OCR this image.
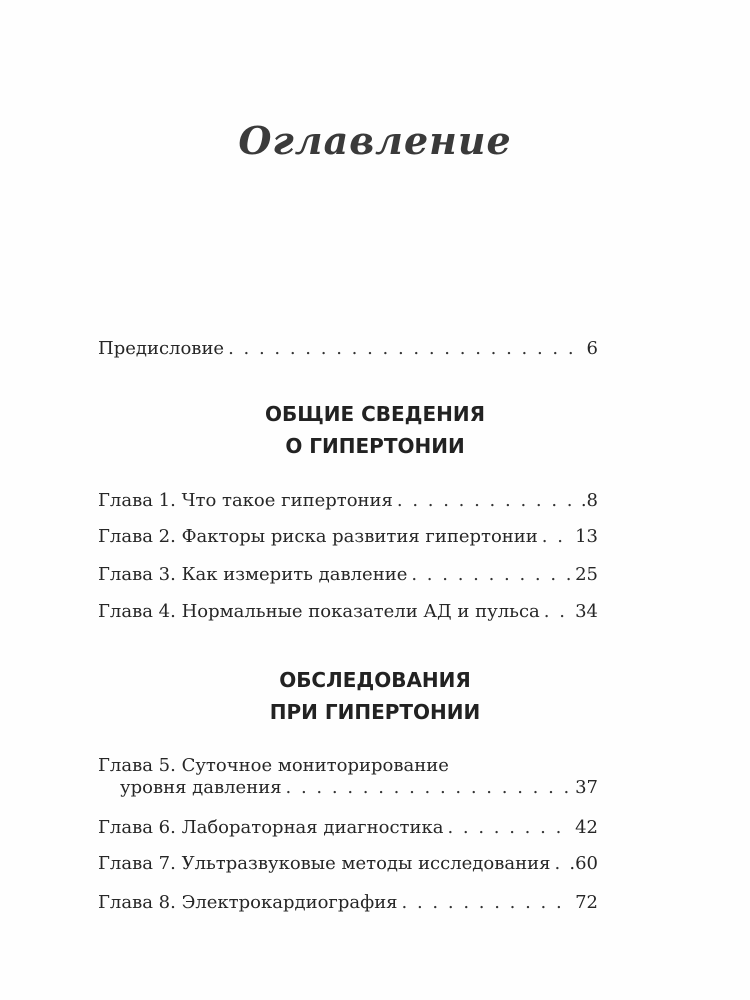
Оглавление
Предисловие . . .	6
ОБЩИЕ СВЕДЕНИЯ
О ГИПЕРТОНИИ
Глава 1. Что такое гипертония . . .	.8
Глава 2. Факторы риска развития гипертонии . . . 13
Глава 3. Как измерить давление . . .	25
Глава 4. Нормальные показатели АД и пульса . . . 34
ОБСЛЕДОВАНИЯ
ПРИ ГИПЕРТОНИИ
Глава 5. Суточное мониторирование
уровня давления . . .	37
Глава 6. Лабораторная диагностика . . .	42
Глава 7. Ультразвуковые методы исследования . . . .60
Глава 8. Электрокардиография . . .	72
